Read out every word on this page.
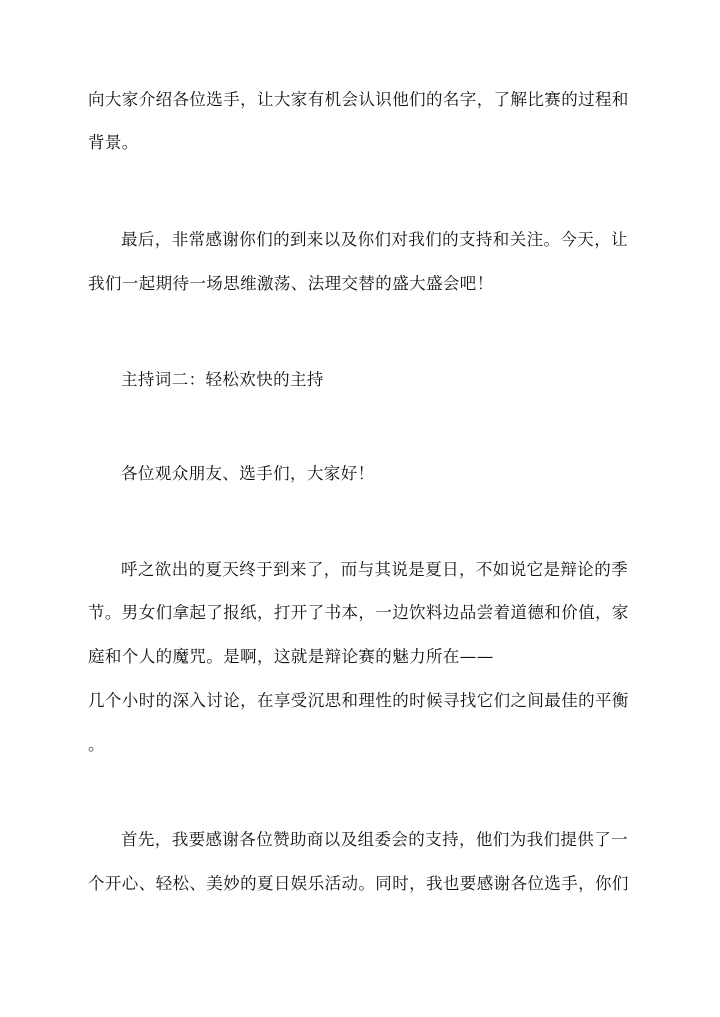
向大家介绍各位选手，让大家有机会认识他们的名字，了解比赛的过程和
背景。
最后，非常感谢你们的到来以及你们对我们的支持和关注。今天，让
我们一起期待一场思维激荡、法理交替的盛大盛会吧！
主持词二：轻松欢快的主持
各位观众朋友、选手们，大家好！
呼之欲出的夏天终于到来了，而与其说是夏日，不如说它是辩论的季
节。男女们拿起了报纸，打开了书本，一边饮料边品尝着道德和价值，家
庭和个人的魔咒。是啊，这就是辩论赛的魅力所在——
几个小时的深入讨论，在享受沉思和理性的时候寻找它们之间最佳的平衡
。
首先，我要感谢各位赞助商以及组委会的支持，他们为我们提供了一
个开心、轻松、美妙的夏日娱乐活动。同时，我也要感谢各位选手，你们
